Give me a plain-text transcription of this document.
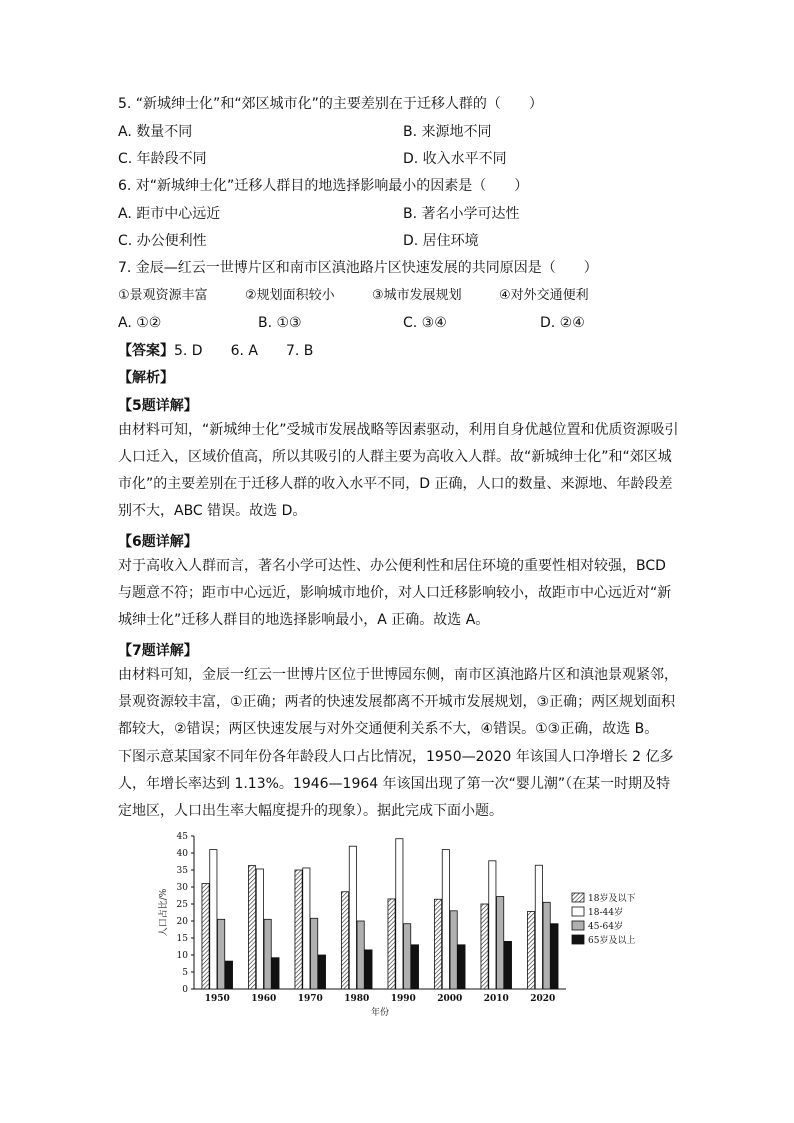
5. “新城绅士化”和“郊区城市化”的主要差别在于迁移人群的（　　）
A. 数量不同	B. 来源地不同
C. 年龄段不同	D. 收入水平不同
6. 对“新城绅士化”迁移人群目的地选择影响最小的因素是（　　）
A. 距市中心远近	B. 著名小学可达性
C. 办公便利性	D. 居住环境
7. 金辰—红云一世博片区和南市区滇池路片区快速发展的共同原因是（　　）
①景观资源丰富	②规划面积较小	③城市发展规划	④对外交通便利
A. ①②	B. ①③	C. ③④	D. ②④
【答案】5. D　　6. A　　7. B
【解析】
【5题详解】
由材料可知，“新城绅士化”受城市发展战略等因素驱动，利用自身优越位置和优质资源吸引人口迁入，区域价值高，所以其吸引的人群主要为高收入人群。故“新城绅士化”和“郊区城市化”的主要差别在于迁移人群的收入水平不同，D 正确，人口的数量、来源地、年龄段差别不大，ABC 错误。故选 D。
【6题详解】
对于高收入人群而言，著名小学可达性、办公便利性和居住环境的重要性相对较强，BCD 与题意不符；距市中心远近，影响城市地价，对人口迁移影响较小，故距市中心远近对“新城绅士化”迁移人群目的地选择影响最小，A 正确。故选 A。
【7题详解】
由材料可知，金辰一红云一世博片区位于世博园东侧，南市区滇池路片区和滇池景观紧邻，景观资源较丰富，①正确；两者的快速发展都离不开城市发展规划，③正确；两区规划面积都较大，②错误；两区快速发展与对外交通便利关系不大，④错误。①③正确，故选 B。
下图示意某国家不同年份各年龄段人口占比情况，1950—2020 年该国人口净增长 2 亿多人，年增长率达到 1.13%。1946—1964 年该国出现了第一次“婴儿潮”（在某一时期及特定地区，人口出生率大幅度提升的现象）。据此完成下面小题。
0
5
10
15
20
25
30
35
40
45
人口占比/%
年份
1950 1960 1970 1980 1990 2000 2010 2020
18岁及以下
18-44岁
45-64岁
65岁及以上
